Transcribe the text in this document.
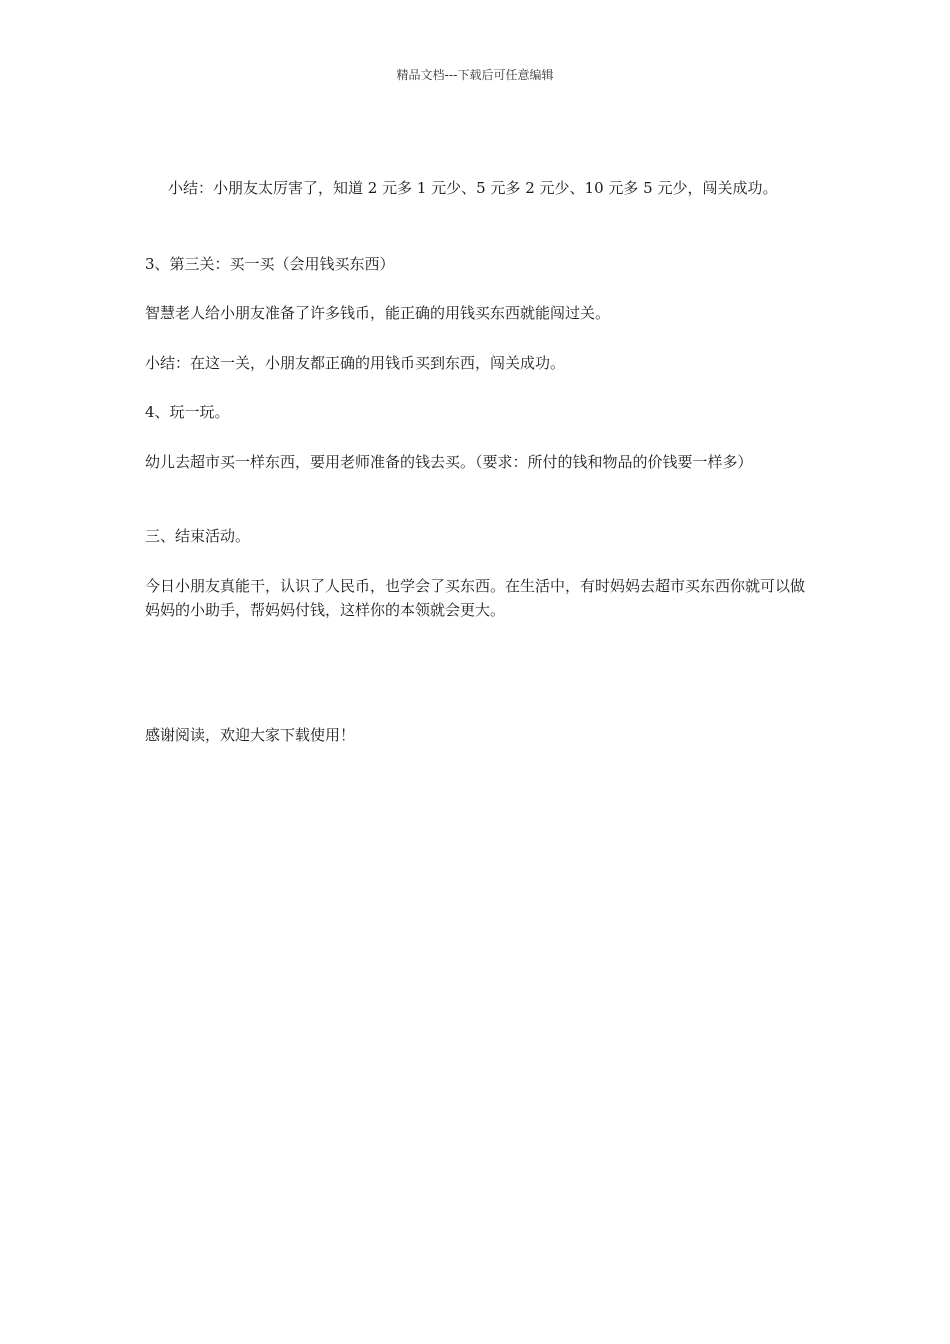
精品文档---下载后可任意编辑
小结：小朋友太厉害了，知道 2 元多 1 元少、5 元多 2 元少、10 元多 5 元少，闯关成功。
3、第三关：买一买（会用钱买东西）
智慧老人给小朋友准备了许多钱币，能正确的用钱买东西就能闯过关。
小结：在这一关，小朋友都正确的用钱币买到东西，闯关成功。
4、玩一玩。
幼儿去超市买一样东西，要用老师准备的钱去买。（要求：所付的钱和物品的价钱要一样多）
三、结束活动。
今日小朋友真能干，认识了人民币，也学会了买东西。在生活中，有时妈妈去超市买东西你就可以做妈妈的小助手，帮妈妈付钱，这样你的本领就会更大。
感谢阅读，欢迎大家下载使用！
